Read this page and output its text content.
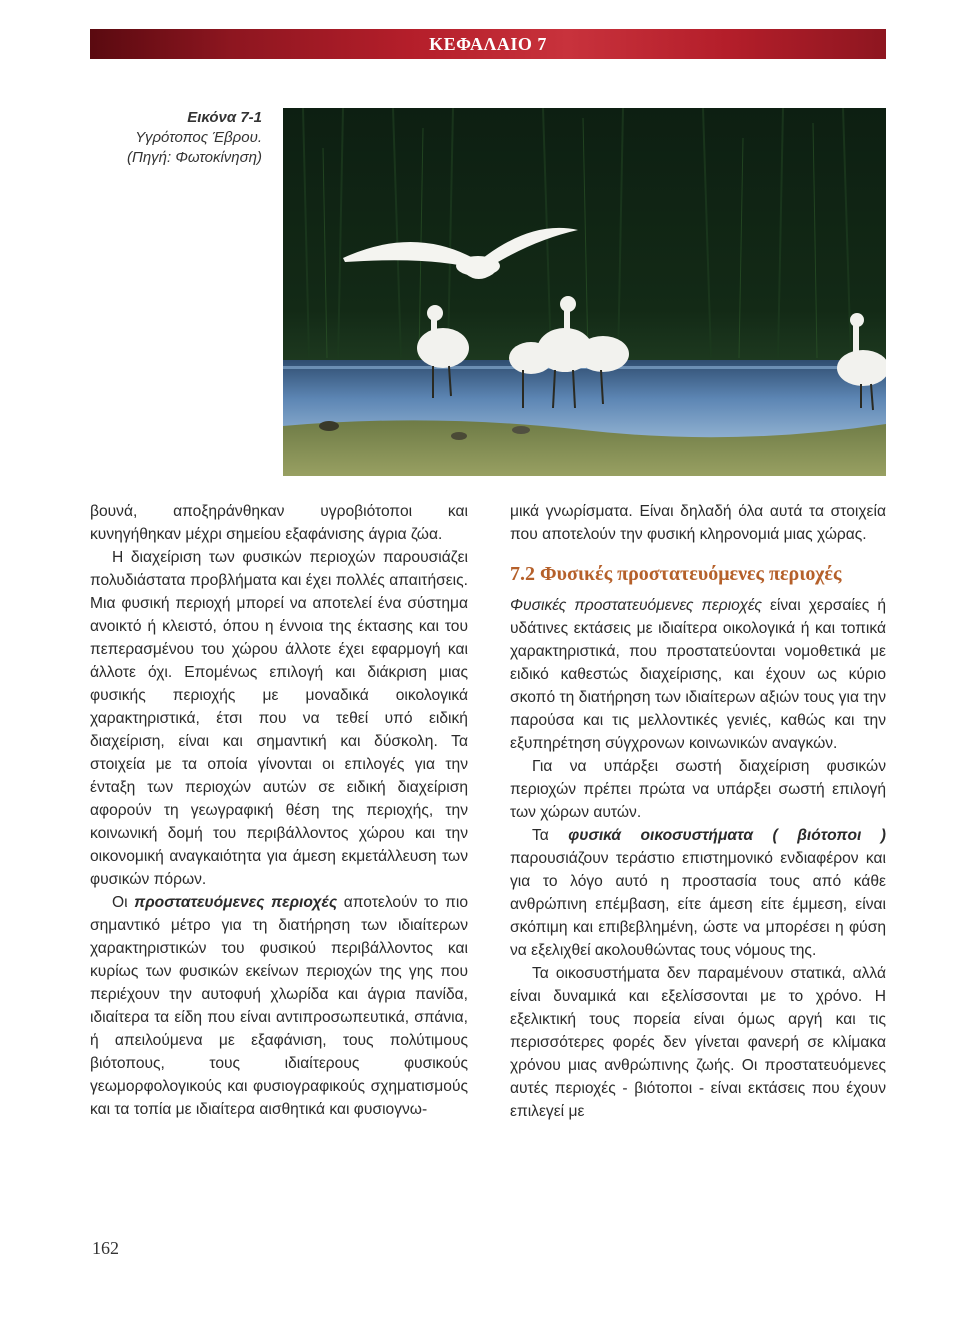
ΚΕΦΑΛΑΙΟ 7
Εικόνα 7-1
Υγρότοπος Έβρου.
(Πηγή: Φωτοκίνηση)

βουνά, αποξηράνθηκαν υγροβιότοποι και κυνηγήθηκαν μέχρι σημείου εξαφάνισης άγρια ζώα.

Η διαχείριση των φυσικών περιοχών παρουσιάζει πολυδιάστατα προβλήματα και έχει πολλές απαιτήσεις. Μια φυσική περιοχή μπορεί να αποτελεί ένα σύστημα ανοικτό ή κλειστό, όπου η έννοια της έκτασης και του πεπερασμένου του χώρου άλλοτε έχει εφαρμογή και άλλοτε όχι. Επομένως επιλογή και διάκριση μιας φυσικής περιοχής με μοναδικά οικολογικά χαρακτηριστικά, έτσι που να τεθεί υπό ειδική διαχείριση, είναι και σημαντική και δύσκολη. Τα στοιχεία με τα οποία γίνονται οι επιλογές για την ένταξη των περιοχών αυτών σε ειδική διαχείριση αφορούν τη γεωγραφική θέση της περιοχής, την κοινωνική δομή του περιβάλλοντος χώρου και την οικονομική αναγκαιότητα για άμεση εκμετάλλευση των φυσικών πόρων.

Οι προστατευόμενες περιοχές αποτελούν το πιο σημαντικό μέτρο για τη διατήρηση των ιδιαίτερων χαρακτηριστικών του φυσικού περιβάλλοντος και κυρίως των φυσικών εκείνων περιοχών της γης που περιέχουν την αυτοφυή χλωρίδα και άγρια πανίδα, ιδιαίτερα τα είδη που είναι αντιπροσωπευτικά, σπάνια, ή απειλούμενα με εξαφάνιση, τους πολύτιμους βιότοπους, τους ιδιαίτερους φυσικούς γεωμορφολογικούς και φυσιογραφικούς σχηματισμούς και τα τοπία με ιδιαίτερα αισθητικά και φυσιογνω-

μικά γνωρίσματα. Είναι δηλαδή όλα αυτά τα στοιχεία που αποτελούν την φυσική κληρονομιά μιας χώρας.

7.2 Φυσικές προστατευόμενες περιοχές

Φυσικές προστατευόμενες περιοχές είναι χερσαίες ή υδάτινες εκτάσεις με ιδιαίτερα οικολογικά ή και τοπικά χαρακτηριστικά, που προστατεύονται νομοθετικά με ειδικό καθεστώς διαχείρισης, και έχουν ως κύριο σκοπό τη διατήρηση των ιδιαίτερων αξιών τους για την παρούσα και τις μελλοντικές γενιές, καθώς και την εξυπηρέτηση σύγχρονων κοινωνικών αναγκών.

Για να υπάρξει σωστή διαχείριση φυσικών περιοχών πρέπει πρώτα να υπάρξει σωστή επιλογή των χώρων αυτών.

Τα φυσικά οικοσυστήματα ( βιότοποι ) παρουσιάζουν τεράστιο επιστημονικό ενδιαφέρον και για το λόγο αυτό η προστασία τους από κάθε ανθρώπινη επέμβαση, είτε άμεση είτε έμμεση, είναι σκόπιμη και επιβεβλημένη, ώστε να μπορέσει η φύση να εξελιχθεί ακολουθώντας τους νόμους της.

Τα οικοσυστήματα δεν παραμένουν στατικά, αλλά είναι δυναμικά και εξελίσσονται με το χρόνο. Η εξελικτική τους πορεία είναι όμως αργή και τις περισσότερες φορές δεν γίνεται φανερή σε κλίμακα χρόνου μιας ανθρώπινης ζωής. Οι προστατευόμενες αυτές περιοχές - βιότοποι - είναι εκτάσεις που έχουν επιλεγεί με

162
